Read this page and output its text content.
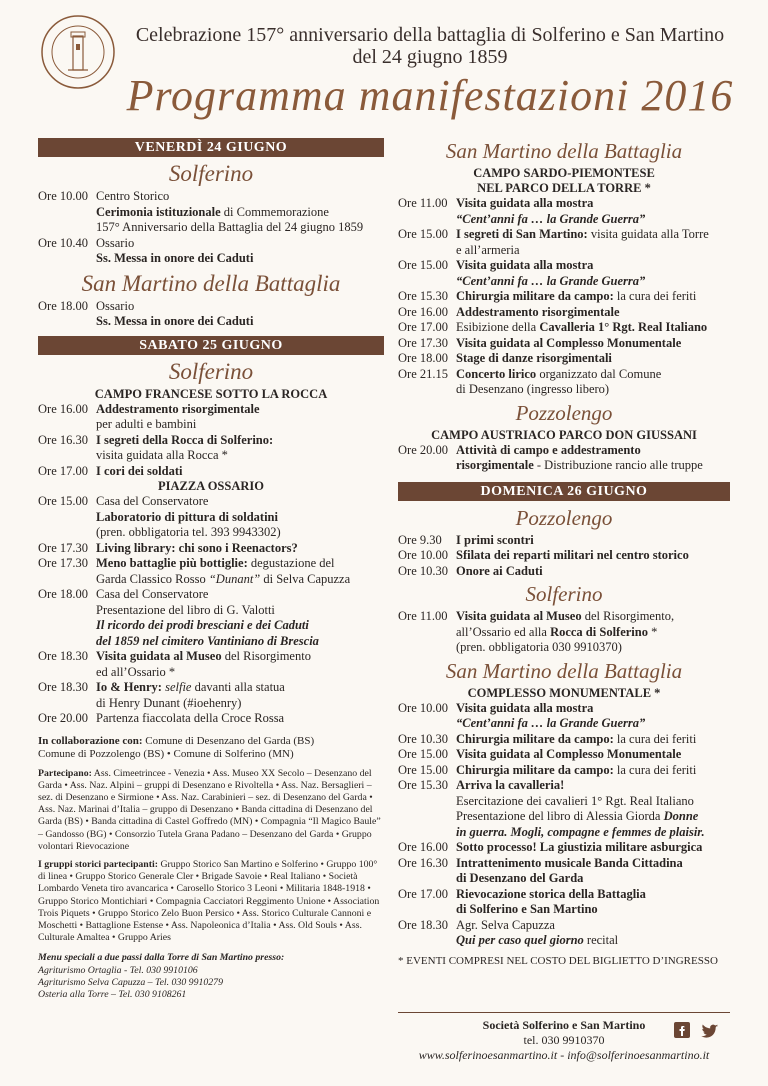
Celebrazione 157° anniversario della battaglia di Solferino e San Martino
del 24 giugno 1859
Programma manifestazioni 2016
VENERDÌ 24 GIUGNO
Solferino
Ore 10.00 Centro Storico
Cerimonia istituzionale di Commemorazione
157° Anniversario della Battaglia del 24 giugno 1859
Ore 10.40 Ossario
Ss. Messa in onore dei Caduti
San Martino della Battaglia
Ore 18.00 Ossario
Ss. Messa in onore dei Caduti
SABATO 25 GIUGNO
Solferino
CAMPO FRANCESE SOTTO LA ROCCA
Ore 16.00 Addestramento risorgimentale
per adulti e bambini
Ore 16.30 I segreti della Rocca di Solferino:
visita guidata alla Rocca *
Ore 17.00 I cori dei soldati
PIAZZA OSSARIO
Ore 15.00 Casa del Conservatore
Laboratorio di pittura di soldatini
(pren. obbligatoria tel. 393 9943302)
Ore 17.30 Living library: chi sono i Reenactors?
Ore 17.30 Meno battaglie più bottiglie: degustazione del
Garda Classico Rosso “Dunant” di Selva Capuzza
Ore 18.00 Casa del Conservatore
Presentazione del libro di G. Valotti
Il ricordo dei prodi bresciani e dei Caduti
del 1859 nel cimitero Vantiniano di Brescia
Ore 18.30 Visita guidata al Museo del Risorgimento
ed all’Ossario *
Ore 18.30 Io & Henry: selfie davanti alla statua
di Henry Dunant (#ioehenry)
Ore 20.00 Partenza fiaccolata della Croce Rossa
In collaborazione con: Comune di Desenzano del Garda (BS)
Comune di Pozzolengo (BS) • Comune di Solferino (MN)
Partecipano: Ass. Cimeetrincee - Venezia • Ass. Museo XX Secolo – Desenzano del Garda • Ass. Naz. Alpini – gruppi di Desenzano e Rivoltella • Ass. Naz. Bersaglieri – sez. di Desenzano e Sirmione • Ass. Naz. Carabinieri – sez. di Desenzano del Garda • Ass. Naz. Marinai d’Italia – gruppo di Desenzano • Banda cittadina di Desenzano del Garda (BS) • Banda cittadina di Castel Goffredo (MN) • Compagnia “Il Magico Baule” – Gandosso (BG) • Consorzio Tutela Grana Padano – Desenzano del Garda • Gruppo volontari Rievocazione
I gruppi storici partecipanti: Gruppo Storico San Martino e Solferino • Gruppo 100° di linea • Gruppo Storico Generale Cler • Brigade Savoie • Real Italiano • Società Lombardo Veneta tiro avancarica • Carosello Storico 3 Leoni • Militaria 1848-1918 • Gruppo Storico Montichiari • Compagnia Cacciatori Reggimento Unione • Association Trois Piquets • Gruppo Storico Zelo Buon Persico • Ass. Storico Culturale Cannoni e Moschetti • Battaglione Estense • Ass. Napoleonica d’Italia • Ass. Old Souls • Ass. Culturale Amaltea • Gruppo Aries
Menu speciali a due passi dalla Torre di San Martino presso:
Agriturismo Ortaglia - Tel. 030 9910106
Agriturismo Selva Capuzza – Tel. 030 9910279
Osteria alla Torre – Tel. 030 9108261
San Martino della Battaglia
CAMPO SARDO-PIEMONTESE
NEL PARCO DELLA TORRE *
Ore 11.00 Visita guidata alla mostra
“Cent’anni fa … la Grande Guerra”
Ore 15.00 I segreti di San Martino: visita guidata alla Torre
e all’armeria
Ore 15.00 Visita guidata alla mostra
“Cent’anni fa … la Grande Guerra”
Ore 15.30 Chirurgia militare da campo: la cura dei feriti
Ore 16.00 Addestramento risorgimentale
Ore 17.00 Esibizione della Cavalleria 1° Rgt. Real Italiano
Ore 17.30 Visita guidata al Complesso Monumentale
Ore 18.00 Stage di danze risorgimentali
Ore 21.15 Concerto lirico organizzato dal Comune
di Desenzano (ingresso libero)
Pozzolengo
CAMPO AUSTRIACO PARCO DON GIUSSANI
Ore 20.00 Attività di campo e addestramento
risorgimentale - Distribuzione rancio alle truppe
DOMENICA 26 GIUGNO
Pozzolengo
Ore 9.30	I primi scontri
Ore 10.00 Sfilata dei reparti militari nel centro storico
Ore 10.30 Onore ai Caduti
Solferino
Ore 11.00 Visita guidata al Museo del Risorgimento,
all’Ossario ed alla Rocca di Solferino *
(pren. obbligatoria 030 9910370)
San Martino della Battaglia
COMPLESSO MONUMENTALE *
Ore 10.00 Visita guidata alla mostra
“Cent’anni fa … la Grande Guerra”
Ore 10.30 Chirurgia militare da campo: la cura dei feriti
Ore 15.00 Visita guidata al Complesso Monumentale
Ore 15.00 Chirurgia militare da campo: la cura dei feriti
Ore 15.30 Arriva la cavalleria!
Esercitazione dei cavalieri 1° Rgt. Real Italiano
Presentazione del libro di Alessia Giorda Donne
in guerra. Mogli, compagne e femmes de plaisir.
Ore 16.00 Sotto processo! La giustizia militare asburgica
Ore 16.30 Intrattenimento musicale Banda Cittadina
di Desenzano del Garda
Ore 17.00 Rievocazione storica della Battaglia
di Solferino e San Martino
Ore 18.30 Agr. Selva Capuzza
Qui per caso quel giorno recital
* EVENTI COMPRESI NEL COSTO DEL BIGLIETTO D’INGRESSO
Società Solferino e San Martino
tel. 030 9910370
www.solferinoesanmartino.it - info@solferinoesanmartino.it
